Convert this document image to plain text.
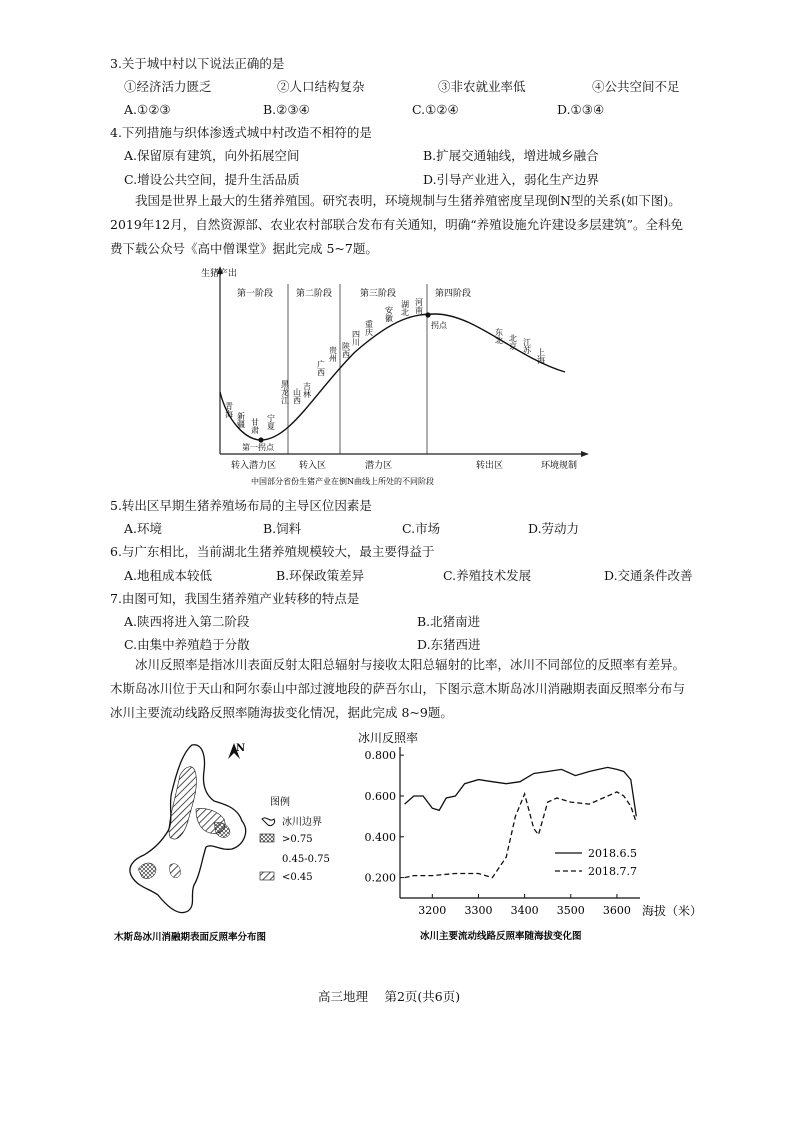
3.关于城中村以下说法正确的是
①经济活力匮乏	②人口结构复杂	③非农就业率低	④公共空间不足
A.①②③	B.②③④	C.①②④	D.①③④
4.下列措施与织体渗透式城中村改造不相符的是
A.保留原有建筑，向外拓展空间	B.扩展交通轴线，增进城乡融合
C.增设公共空间，提升生活品质	D.引导产业进入，弱化生产边界
我国是世界上最大的生猪养殖国。研究表明，环境规制与生猪养殖密度呈现倒N型的关系(如下图)。2019年12月，自然资源部、农业农村部联合发布有关通知，明确“养殖设施允许建设多层建筑”。全科免费下载公众号《高中僧课堂》据此完成 5~7题。
生猪产出
环境规制
第一阶段	第二阶段	第三阶段	第四阶段
第一拐点
拐点
青海
新疆 甘肃 宁夏
黑龙江 山西 吉林
广西
贵州 陕西
四川
重庆
安徽 湖北 河南
东北 北京 江苏
上海
转入潜力区	转入区	潜力区	转出区
中国部分省份生猪产业在倒N曲线上所处的不同阶段
5.转出区早期生猪养殖场布局的主导区位因素是
A.环境	B.饲料	C.市场	D.劳动力
6.与广东相比，当前湖北生猪养殖规模较大，最主要得益于
A.地租成本较低	B.环保政策差异	C.养殖技术发展	D.交通条件改善
7.由图可知，我国生猪养殖产业转移的特点是
A.陕西将进入第二阶段	B.北猪南进
C.由集中养殖趋于分散	D.东猪西进
冰川反照率是指冰川表面反射太阳总辐射与接收太阳总辐射的比率，冰川不同部位的反照率有差异。木斯岛冰川位于天山和阿尔泰山中部过渡地段的萨吾尔山，下图示意木斯岛冰川消融期表面反照率分布与冰川主要流动线路反照率随海拔变化情况，据此完成 8~9题。
N
图例
冰川边界
>0.75
0.45-0.75
<0.45
木斯岛冰川消融期表面反照率分布图
冰川反照率
0.200
0.400
0.600
0.800
3200 3300 3400 3500 3600 海拔（米）
2018.6.5
2018.7.7
冰川主要流动线路反照率随海拔变化图
高三地理　 第2页(共6页)
